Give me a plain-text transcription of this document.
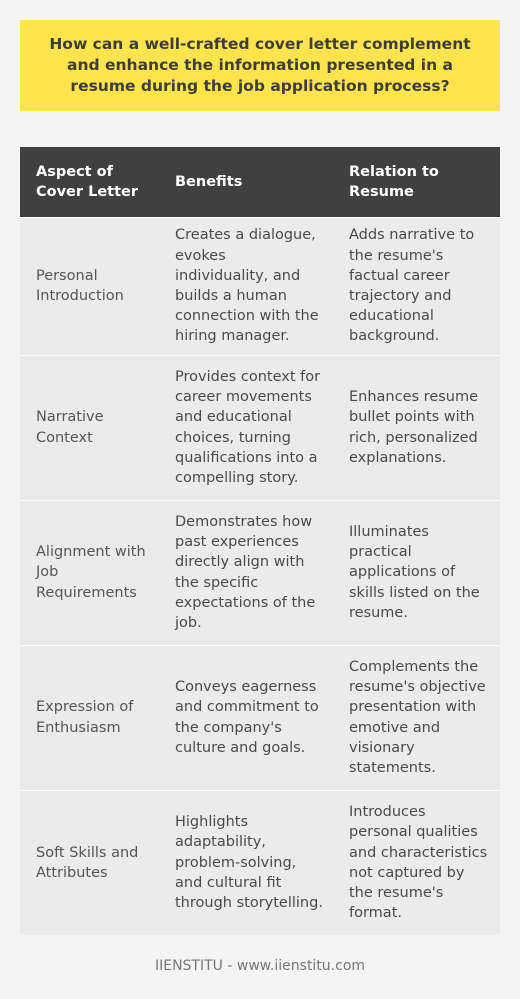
How can a well-crafted cover letter complement and enhance the information presented in a resume during the job application process?
Aspect of Cover Letter	Benefits	Relation to Resume
Personal Introduction	Creates a dialogue, evokes individuality, and builds a human connection with the hiring manager.	Adds narrative to the resume's factual career trajectory and educational background.
Narrative Context	Provides context for career movements and educational choices, turning qualifications into a compelling story.	Enhances resume bullet points with rich, personalized explanations.
Alignment with Job Requirements	Demonstrates how past experiences directly align with the specific expectations of the job.	Illuminates practical applications of skills listed on the resume.
Expression of Enthusiasm	Conveys eagerness and commitment to the company's culture and goals.	Complements the resume's objective presentation with emotive and visionary statements.
Soft Skills and Attributes	Highlights adaptability, problem-solving, and cultural fit through storytelling.	Introduces personal qualities and characteristics not captured by the resume's format.
IIENSTITU - www.iienstitu.com
